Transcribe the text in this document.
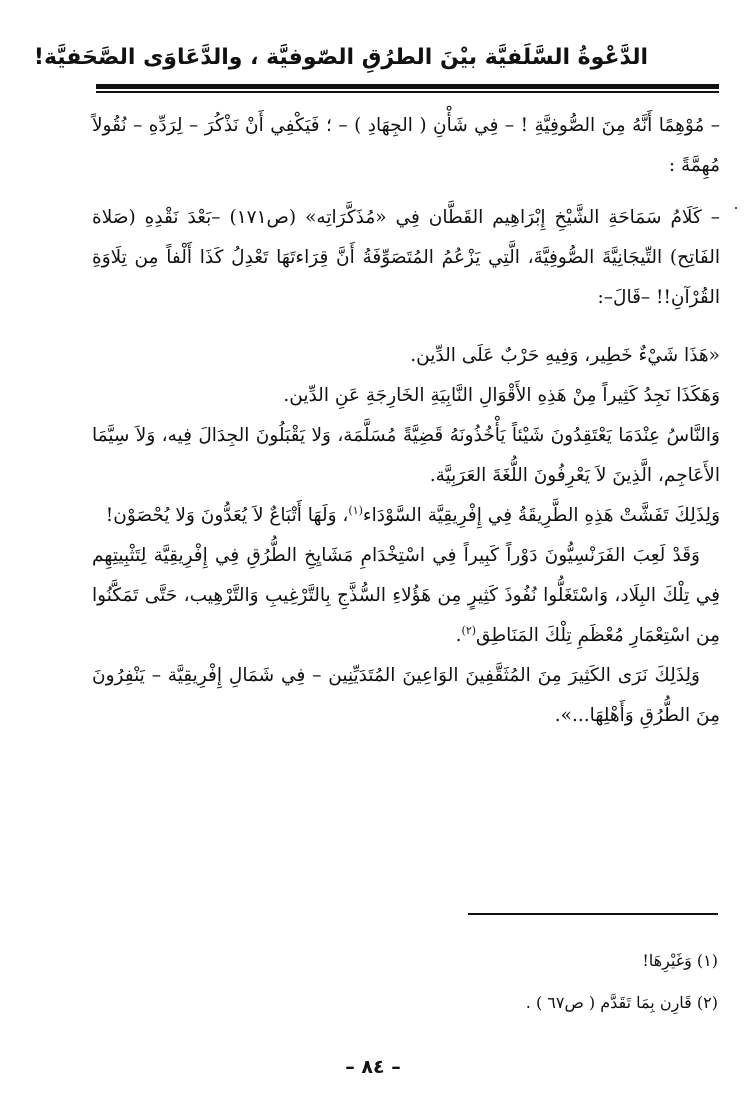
الدَّعْوةُ السَّلَفيَّة بيْنَ الطرُقِ الصّوفيَّة ، والدَّعَاوَى الصَّحَفيَّة!

– مُوْهِمًا أَنَّهُ مِنَ الصُّوفِيَّةِ ! – فِي شَأْنِ ( الجِهَادِ ) – ؛ فَيَكْفِي أَنْ نَذْكُرَ – لِرَدِّهِ – نُقُولاً مُهِمَّةً :

– كَلَامُ سَمَاحَةِ الشَّيْخِ إِبْرَاهِيم القَطَّان فِي «مُذَكَّرَاتِه» (ص١٧١) –بَعْدَ نَقْدِهِ (صَلاة الفَاتِح) التِّيجَانِيَّةَ الصُّوفِيَّةَ، الَّتِي يَزْعُمُ المُتَصَوِّفَةُ أَنَّ قِرَاءتَهَا تَعْدِلُ كَذَا أَلْفاً مِن تِلَاوَةِ القُرْآنِ!! –قَالَ–:

«هَذَا شَيْءٌ خَطِير، وَفِيهِ حَرْبٌ عَلَى الدِّين.

وَهَكَذَا نَجِدُ كَثِيراً مِنْ هَذِهِ الأَقْوَالِ النَّابِيَةِ الخَارِجَةِ عَنِ الدِّين.

وَالنَّاسُ عِنْدَمَا يَعْتَقِدُونَ شَيْئاً يَأْخُذُونَهُ قَضِيَّةً مُسَلَّمَة، وَلا يَقْبَلُونَ الجِدَالَ فِيه، وَلاَ سِيَّمَا الأَعَاجِم، الَّذِينَ لاَ يَعْرِفُونَ اللُّغَةَ العَرَبِيَّة.

وَلِذَلِكَ تَفَشَّتْ هَذِهِ الطَّرِيقَةُ فِي إِفْرِيقِيَّة السَّوْدَاء$^{(١)}$، وَلَهَا أَتْبَاعٌ لاَ يُعَدُّونَ وَلا يُحْصَوْن!

وَقَدْ لَعِبَ الفَرَنْسِيُّونَ دَوْراً كَبِيراً فِي اسْتِخْدَامِ مَشَايِخِ الطُّرُقِ فِي إِفْرِيقِيَّة لِتَثْبِيتِهِم فِي تِلْكَ البِلَاد، وَاسْتَغَلُّوا نُفُوذَ كَثِيرٍ مِن هَؤُلاءِ السُّذَّجِ بِالتَّرْغِيبِ وَالتَّرْهِيب، حَتَّى تَمَكَّنُوا مِن اسْتِعْمَارِ مُعْظَمِ تِلْكَ المَنَاطِق$^{(٢)}$.

وَلِذَلِكَ نَرَى الكَثِيرَ مِنَ المُثَقَّفِينَ الوَاعِينَ المُتَدَيِّنِين – فِي شَمَالِ إِفْرِيقِيَّة – يَنْفِرُونَ مِنَ الطُّرُقِ وَأَهْلِهَا...».

(١) وَغَيْرِهَا!

(٢) قَارِن بِمَا تَقَدَّم ( ص٦٧ ) .

– ٨٤ –
